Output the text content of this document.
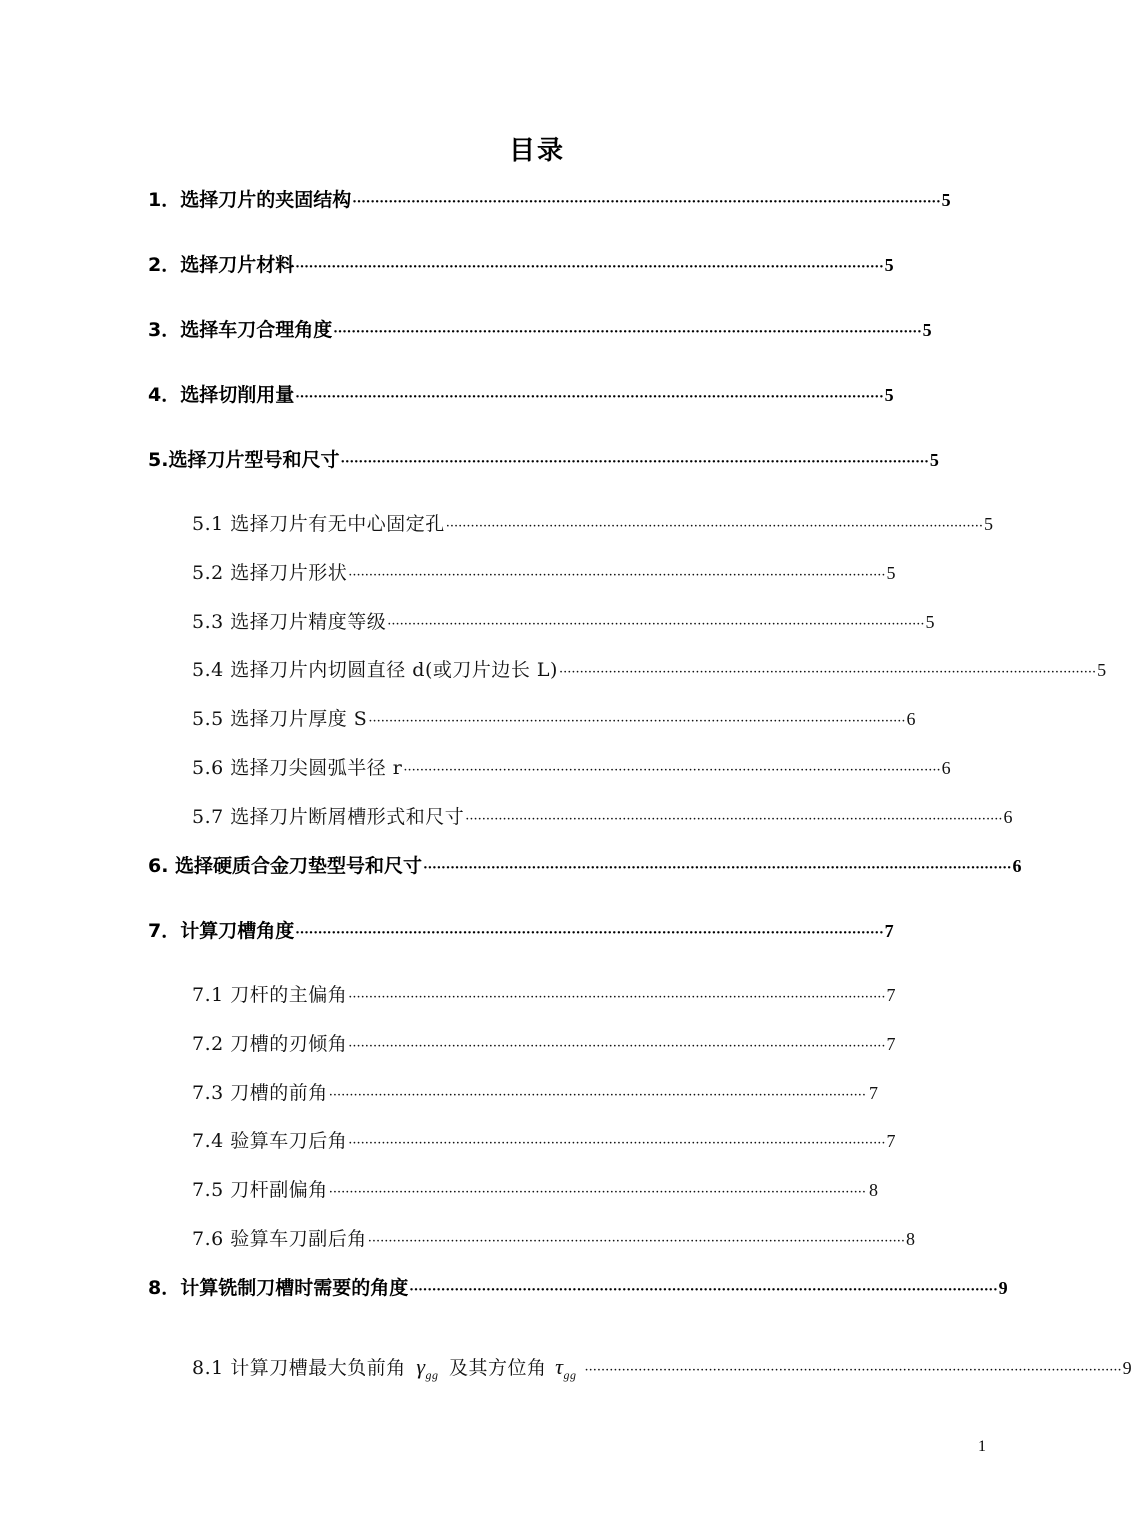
目录
1．选择刀片的夹固结构 ·································································································································· 5
2．选择刀片材料 ·································································································································· 5
3．选择车刀合理角度 ·································································································································· 5
4．选择切削用量 ·································································································································· 5
5.选择刀片型号和尺寸 ·································································································································· 5
5.1 选择刀片有无中心固定孔 ·································································································································· 5
5.2 选择刀片形状 ·································································································································· 5
5.3 选择刀片精度等级 ·································································································································· 5
5.4 选择刀片内切圆直径 d(或刀片边长 L) ·································································································································· 5
5.5 选择刀片厚度 S ·································································································································· 6
5.6 选择刀尖圆弧半径 r ·································································································································· 6
5.7 选择刀片断屑槽形式和尺寸 ·································································································································· 6
6. 选择硬质合金刀垫型号和尺寸 ·································································································································· 6
7．计算刀槽角度 ·································································································································· 7
7.1 刀杆的主偏角 ·································································································································· 7
7.2 刀槽的刃倾角 ·································································································································· 7
7.3 刀槽的前角 ·································································································································· 7
7.4 验算车刀后角 ·································································································································· 7
7.5 刀杆副偏角 ·································································································································· 8
7.6 验算车刀副后角 ·································································································································· 8
8．计算铣制刀槽时需要的角度 ·································································································································· 9
8.1 计算刀槽最大负前角 $\gamma_{gg}$ 及其方位角 $\tau_{gg}$ ·································································································································· 9
1
